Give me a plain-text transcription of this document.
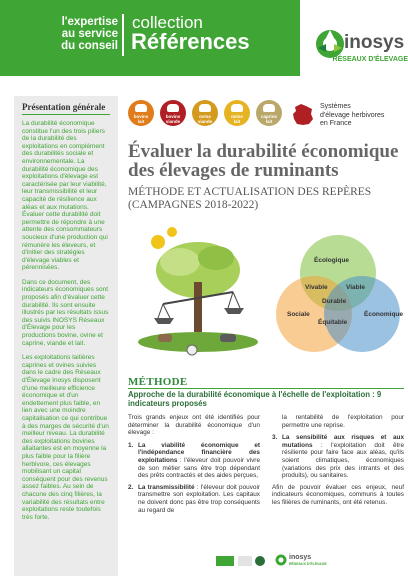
l'expertise
au service
du conseil
collection
Références	inosys
RÉSEAUX D'ÉLEVAGE
Présentation générale

La durabilité économique constitue l'un des trois piliers de la durabilité des exploitations en complément des durabilités sociale et environnementale. La durabilité économique des exploitations d'élevage est caractérisée par leur viabilité, leur transmissibilité et leur capacité de résilience aux aléas et aux mutations. Évaluer cette durabilité doit permettre de répondre à une attente des consommateurs soucieux d'une production qui rémunère les éleveurs, et d'initier des stratégies d'élevage viables et pérennisées.

Dans ce document, des indicateurs économiques sont proposés afin d'évaluer cette durabilité. Ils sont ensuite illustrés par les résultats issus des suivis INOSYS Réseaux d'Élevage pour les productions bovine, ovine et caprine, viande et lait.

Les exploitations laitières caprines et ovines suivies dans le cadre des Réseaux d'Élevage Inosys disposent d'une meilleure efficience économique et d'un endettement plus faible, en lien avec une moindre capitalisation ce qui contribue à des marges de sécurité d'un meilleur niveau. La durabilité des exploitations bovines allaitantes est en moyenne la plus faible pour la filière herbivore, ces élevages mobilisant un capital conséquent pour des revenus assez faibles. Au sein de chacune des cinq filières, la variabilité des résultats entre exploitations reste toutefois très forte.

bovins
lait
bovins
viande
ovins
viande
ovins
lait
caprins
lait
Systèmes
d'élevage herbivores
en France
Évaluer la durabilité économique des élevages de ruminants
MÉTHODE ET ACTUALISATION DES REPÈRES (CAMPAGNES 2018-2022)
Écologique
Sociale	Économique
Vivable	Viable
Durable
Équitable
MÉTHODE
Approche de la durabilité économique à l'échelle de l'exploitation : 9 indicateurs proposés

Trois grands enjeux ont été identifiés pour déterminer la durabilité économique d'un élevage :

1. La viabilité économique et l'indépendance financière des exploitations : l'éleveur doit pouvoir vivre de son métier sans être trop dépendant des prêts contractés et des aides perçues,
2. La transmissibilité : l'éleveur doit pouvoir transmettre son exploitation. Les capitaux ne doivent donc pas être trop conséquents au regard de

la rentabilité de l'exploitation pour permettre une reprise.

3. La sensibilité aux risques et aux mutations : l'exploitation doit être résiliente pour faire face aux aléas, qu'ils soient climatiques, économiques (variations des prix des intrants et des produits), ou sanitaires.

Afin de pouvoir évaluer ces enjeux, neuf indicateurs économiques, communs à toutes les filières de ruminants, ont été retenus.

inosys
RÉSEAUX D'ÉLEVAGE
